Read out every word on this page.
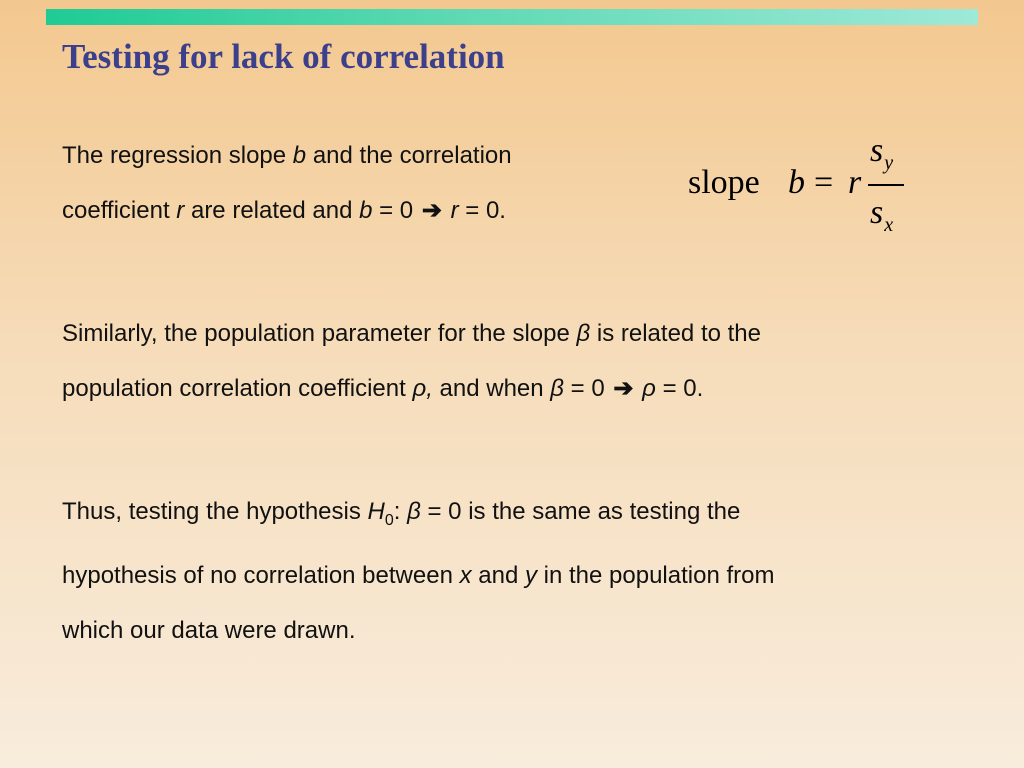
Testing for lack of correlation
The regression slope b and the correlation
coefficient r are related and b = 0 ➔ r = 0.
slope b = r
$s_y$
$s_x$
Similarly, the population parameter for the slope β is related to the
population correlation coefficient ρ, and when β = 0 ➔ ρ = 0.
Thus, testing the hypothesis $H_0$: β = 0 is the same as testing the
hypothesis of no correlation between x and y in the population from
which our data were drawn.
